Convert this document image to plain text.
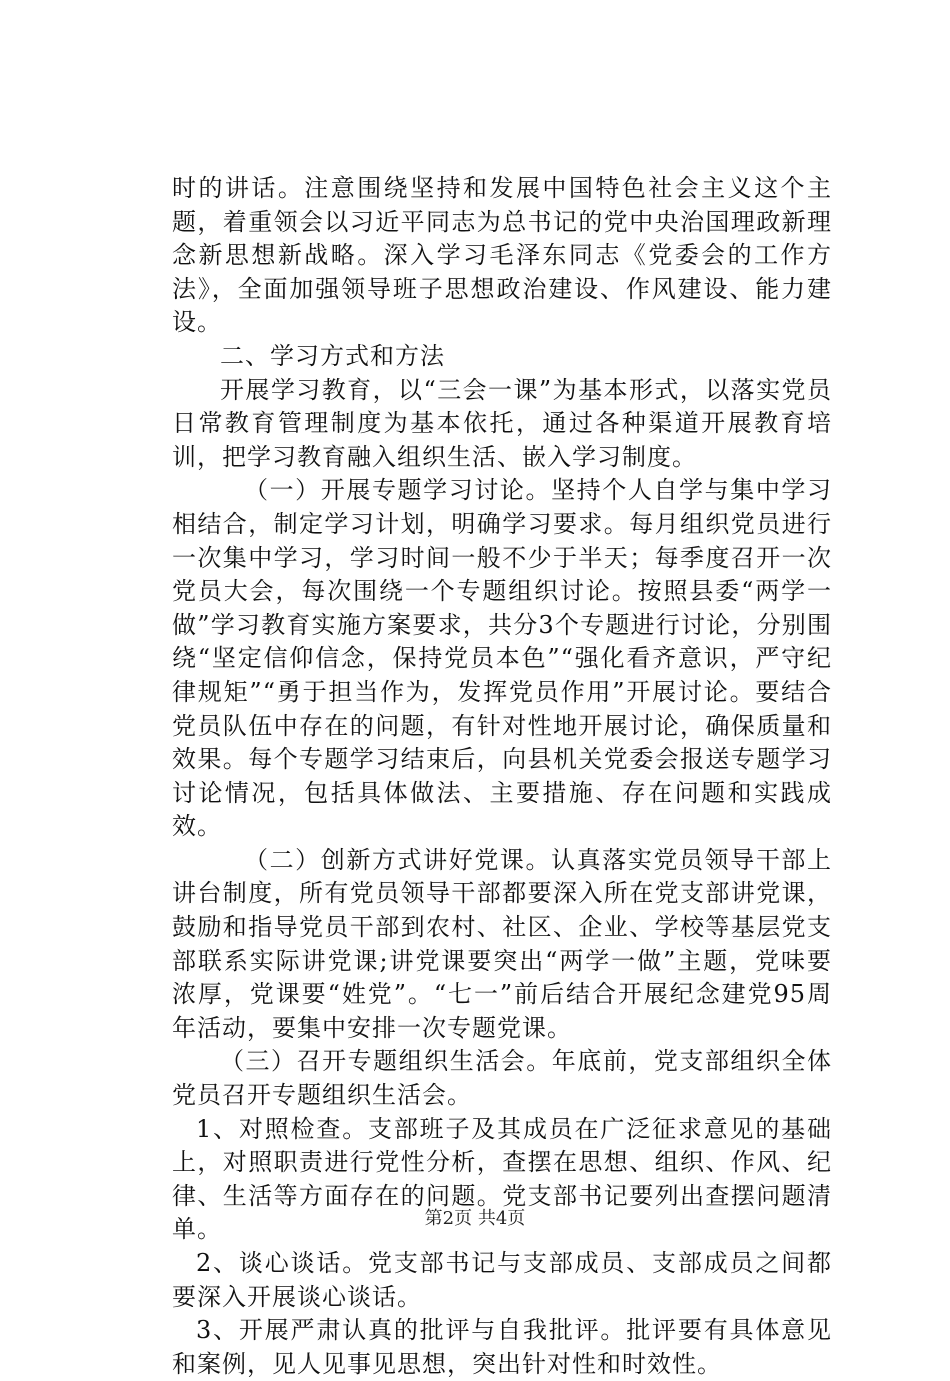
时的讲话。注意围绕坚持和发展中国特色社会主义这个主题，着重领会以习近平同志为总书记的党中央治国理政新理念新思想新战略。深入学习毛泽东同志《党委会的工作方法》，全面加强领导班子思想政治建设、作风建设、能力建设。

二、学习方式和方法

开展学习教育，以“三会一课”为基本形式，以落实党员日常教育管理制度为基本依托，通过各种渠道开展教育培训，把学习教育融入组织生活、嵌入学习制度。

（一）开展专题学习讨论。坚持个人自学与集中学习相结合，制定学习计划，明确学习要求。每月组织党员进行一次集中学习，学习时间一般不少于半天；每季度召开一次党员大会，每次围绕一个专题组织讨论。按照县委“两学一做”学习教育实施方案要求，共分3个专题进行讨论，分别围绕“坚定信仰信念，保持党员本色”“强化看齐意识，严守纪律规矩”“勇于担当作为，发挥党员作用”开展讨论。要结合党员队伍中存在的问题，有针对性地开展讨论，确保质量和效果。每个专题学习结束后，向县机关党委会报送专题学习讨论情况，包括具体做法、主要措施、存在问题和实践成效。

（二）创新方式讲好党课。认真落实党员领导干部上讲台制度，所有党员领导干部都要深入所在党支部讲党课，鼓励和指导党员干部到农村、社区、企业、学校等基层党支部联系实际讲党课;讲党课要突出“两学一做”主题，党味要浓厚，党课要“姓党”。“七一”前后结合开展纪念建党95周年活动，要集中安排一次专题党课。

（三）召开专题组织生活会。年底前，党支部组织全体党员召开专题组织生活会。

1、对照检查。支部班子及其成员在广泛征求意见的基础上，对照职责进行党性分析，查摆在思想、组织、作风、纪律、生活等方面存在的问题。党支部书记要列出查摆问题清单。

2、谈心谈话。党支部书记与支部成员、支部成员之间都要深入开展谈心谈话。

3、开展严肃认真的批评与自我批评。批评要有具体意见和案例，见人见事见思想，突出针对性和时效性。

第2页 共4页
